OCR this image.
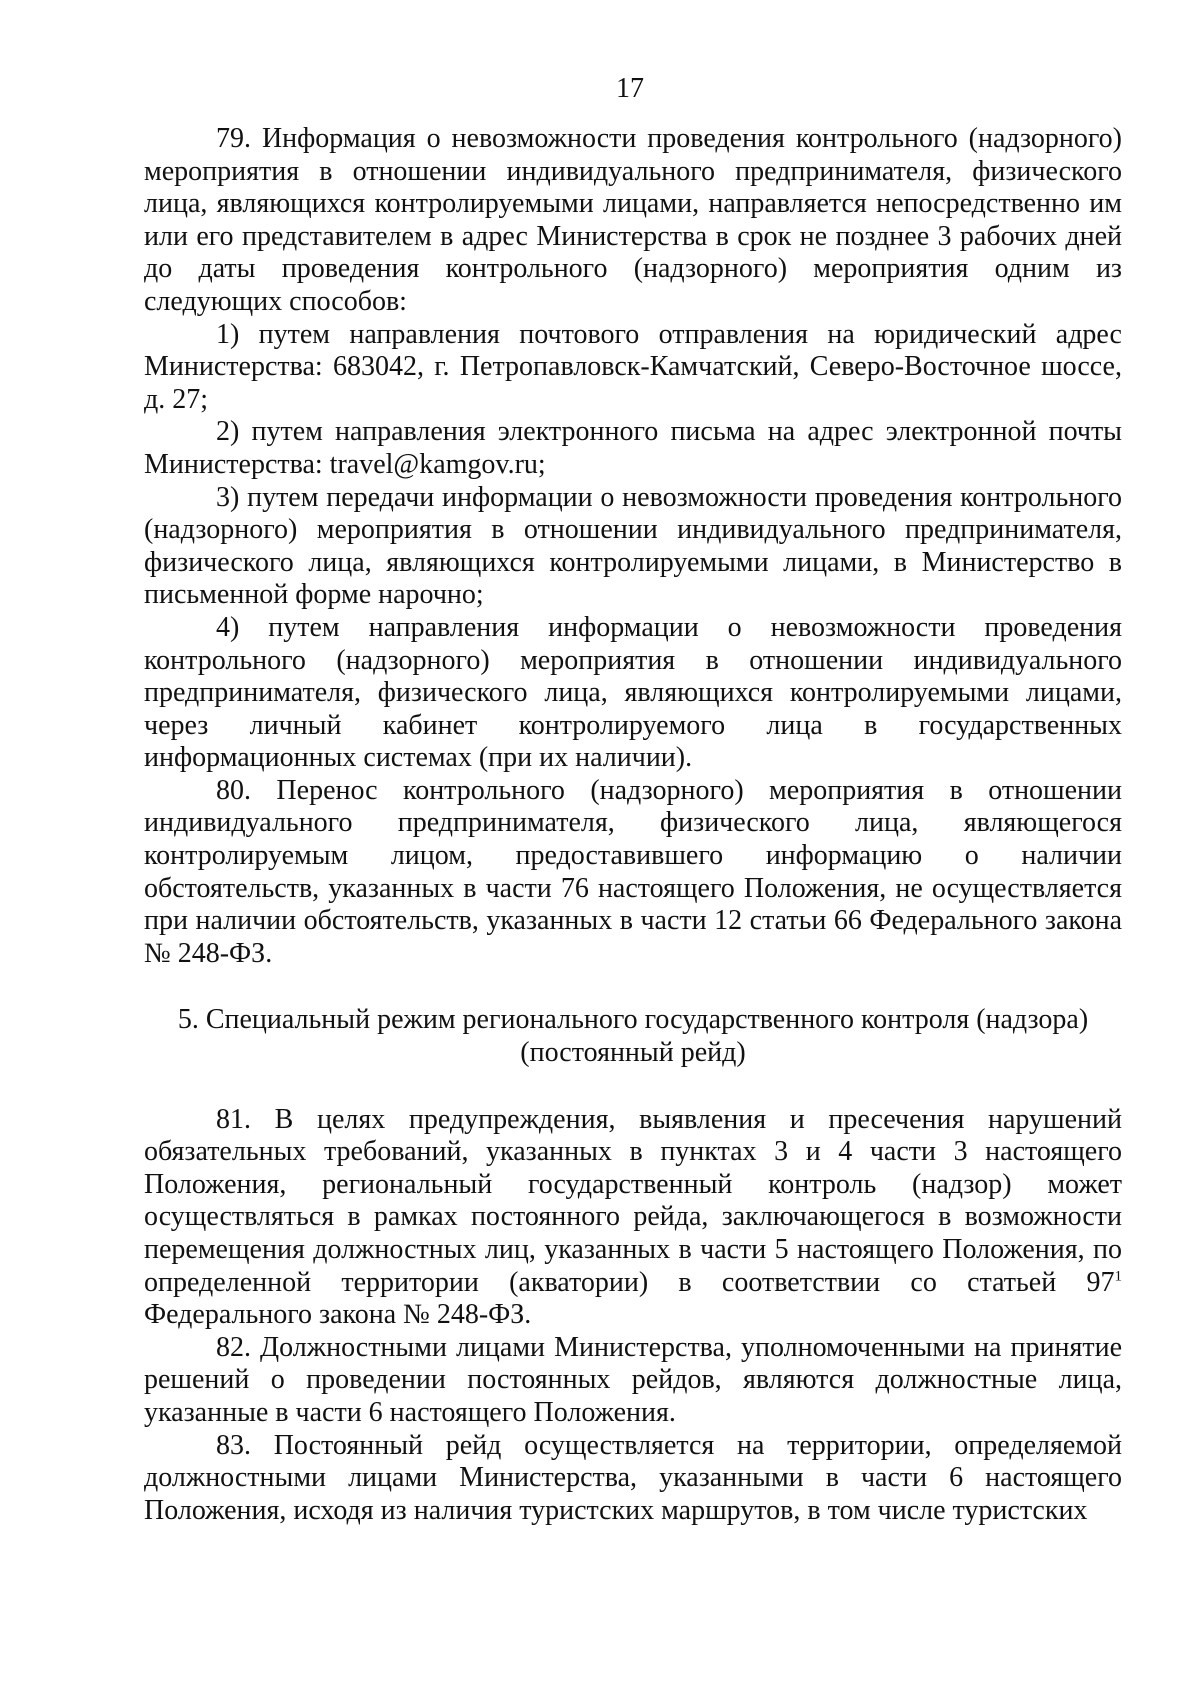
17

79. Информация о невозможности проведения контрольного (надзорного) мероприятия в отношении индивидуального предпринимателя, физического лица, являющихся контролируемыми лицами, направляется непосредственно им или его представителем в адрес Министерства в срок не позднее 3 рабочих дней до даты проведения контрольного (надзорного) мероприятия одним из следующих способов:

1) путем направления почтового отправления на юридический адрес Министерства: 683042, г. Петропавловск-Камчатский, Северо-Восточное шоссе, д. 27;

2) путем направления электронного письма на адрес электронной почты Министерства: travel@kamgov.ru;

3) путем передачи информации о невозможности проведения контрольного (надзорного) мероприятия в отношении индивидуального предпринимателя, физического лица, являющихся контролируемыми лицами, в Министерство в письменной форме нарочно;

4) путем направления информации о невозможности проведения контрольного (надзорного) мероприятия в отношении индивидуального предпринимателя, физического лица, являющихся контролируемыми лицами, через личный кабинет контролируемого лица в государственных информационных системах (при их наличии).

80. Перенос контрольного (надзорного) мероприятия в отношении индивидуального предпринимателя, физического лица, являющегося контролируемым лицом, предоставившего информацию о наличии обстоятельств, указанных в части 76 настоящего Положения, не осуществляется при наличии обстоятельств, указанных в части 12 статьи 66 Федерального закона № 248-ФЗ.

5. Специальный режим регионального государственного контроля (надзора)

(постоянный рейд)

81. В целях предупреждения, выявления и пресечения нарушений обязательных требований, указанных в пунктах 3 и 4 части 3 настоящего Положения, региональный государственный контроль (надзор) может осуществляться в рамках постоянного рейда, заключающегося в возможности перемещения должностных лиц, указанных в части 5 настоящего Положения, по определенной территории (акватории) в соответствии со статьей $97^1$ Федерального закона № 248-ФЗ.

82. Должностными лицами Министерства, уполномоченными на принятие решений о проведении постоянных рейдов, являются должностные лица, указанные в части 6 настоящего Положения.

83. Постоянный рейд осуществляется на территории, определяемой должностными лицами Министерства, указанными в части 6 настоящего Положения, исходя из наличия туристских маршрутов, в том числе туристских
